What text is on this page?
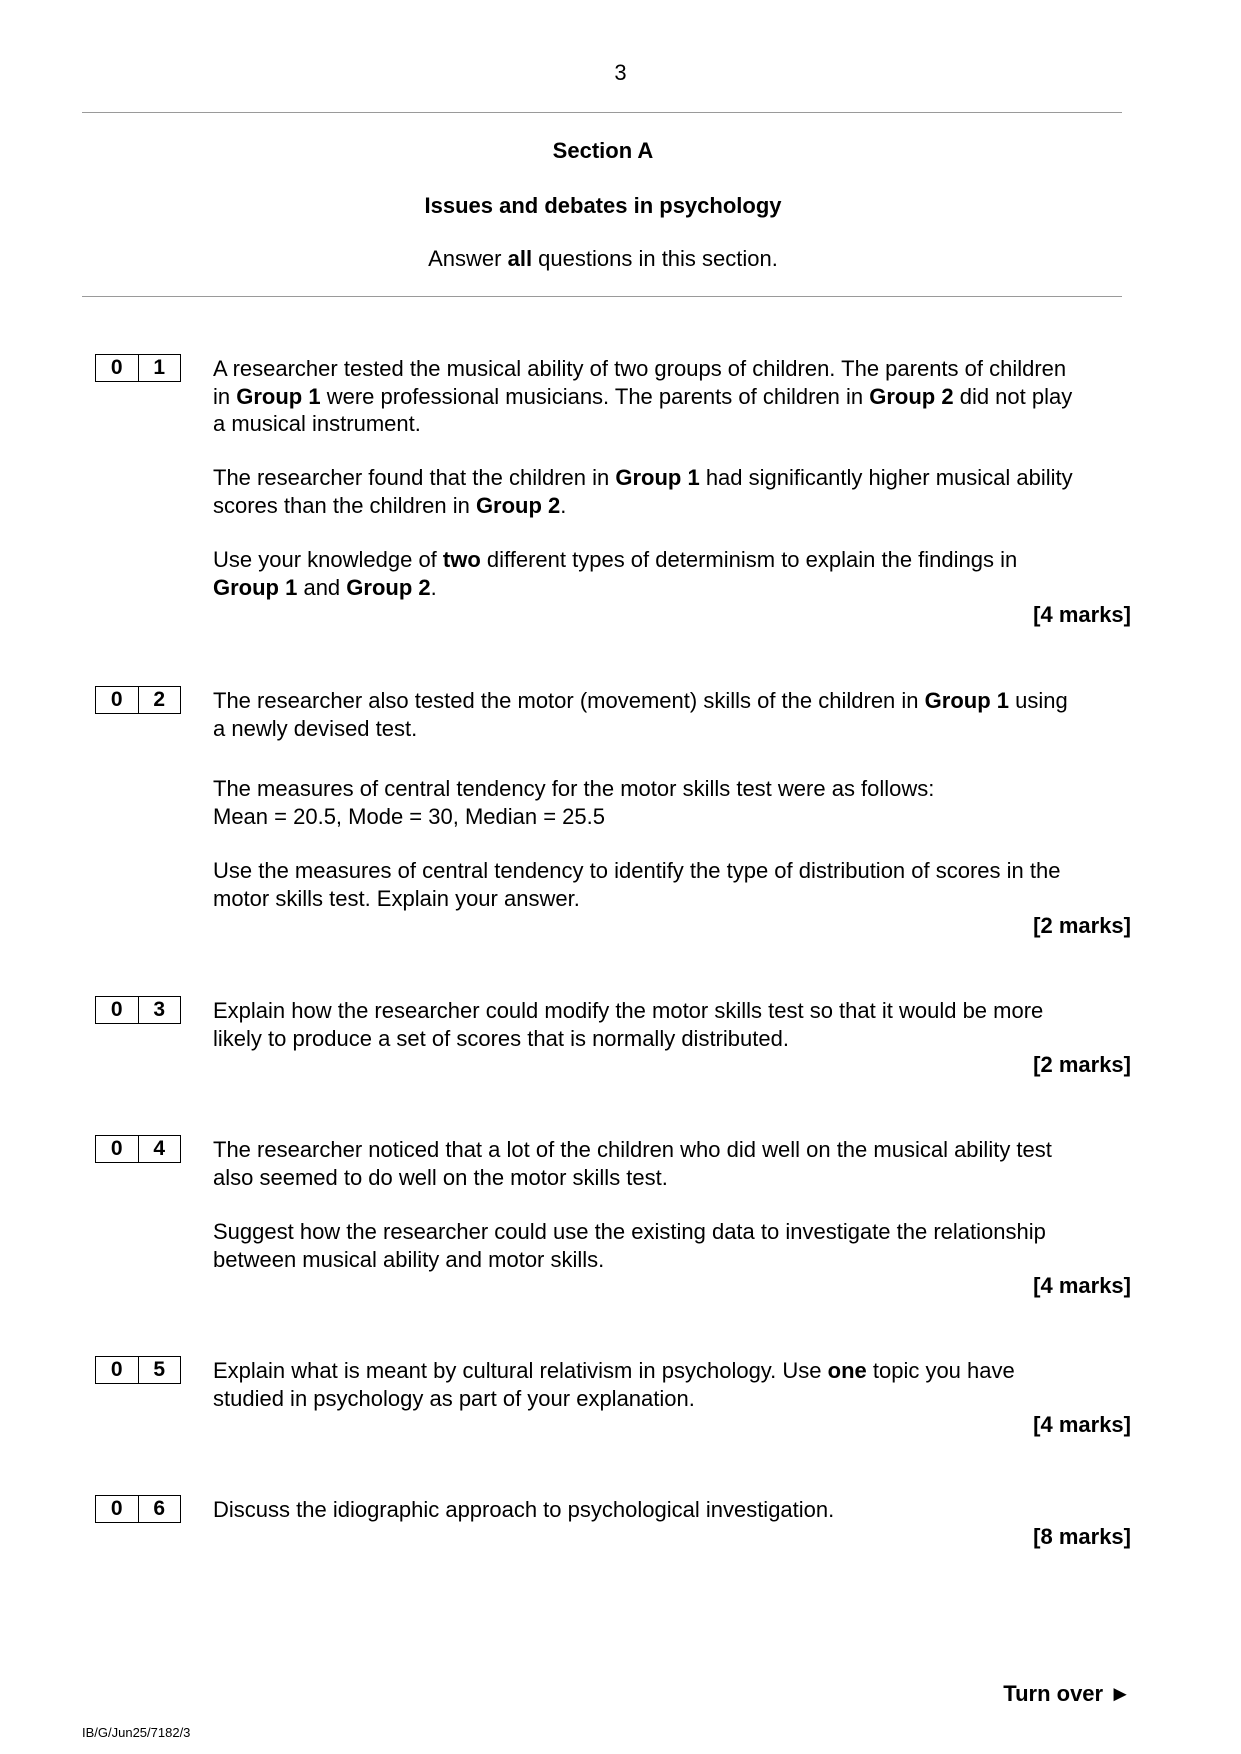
3
Section A
Issues and debates in psychology
Answer all questions in this section.
0	1	A researcher tested the musical ability of two groups of children. The parents of children
in Group 1 were professional musicians. The parents of children in Group 2 did not play
a musical instrument.
The researcher found that the children in Group 1 had significantly higher musical ability
scores than the children in Group 2.
Use your knowledge of two different types of determinism to explain the findings in
Group 1 and Group 2.
[4 marks]
0	2	The researcher also tested the motor (movement) skills of the children in Group 1 using
a newly devised test.
The measures of central tendency for the motor skills test were as follows:
Mean = 20.5, Mode = 30, Median = 25.5
Use the measures of central tendency to identify the type of distribution of scores in the
motor skills test. Explain your answer.
[2 marks]
0	3	Explain how the researcher could modify the motor skills test so that it would be more
likely to produce a set of scores that is normally distributed.
[2 marks]
0	4	The researcher noticed that a lot of the children who did well on the musical ability test
also seemed to do well on the motor skills test.
Suggest how the researcher could use the existing data to investigate the relationship
between musical ability and motor skills.
[4 marks]
0	5	Explain what is meant by cultural relativism in psychology. Use one topic you have
studied in psychology as part of your explanation.
[4 marks]
0	6	Discuss the idiographic approach to psychological investigation.
[8 marks]
Turn over ►
IB/G/Jun25/7182/3
